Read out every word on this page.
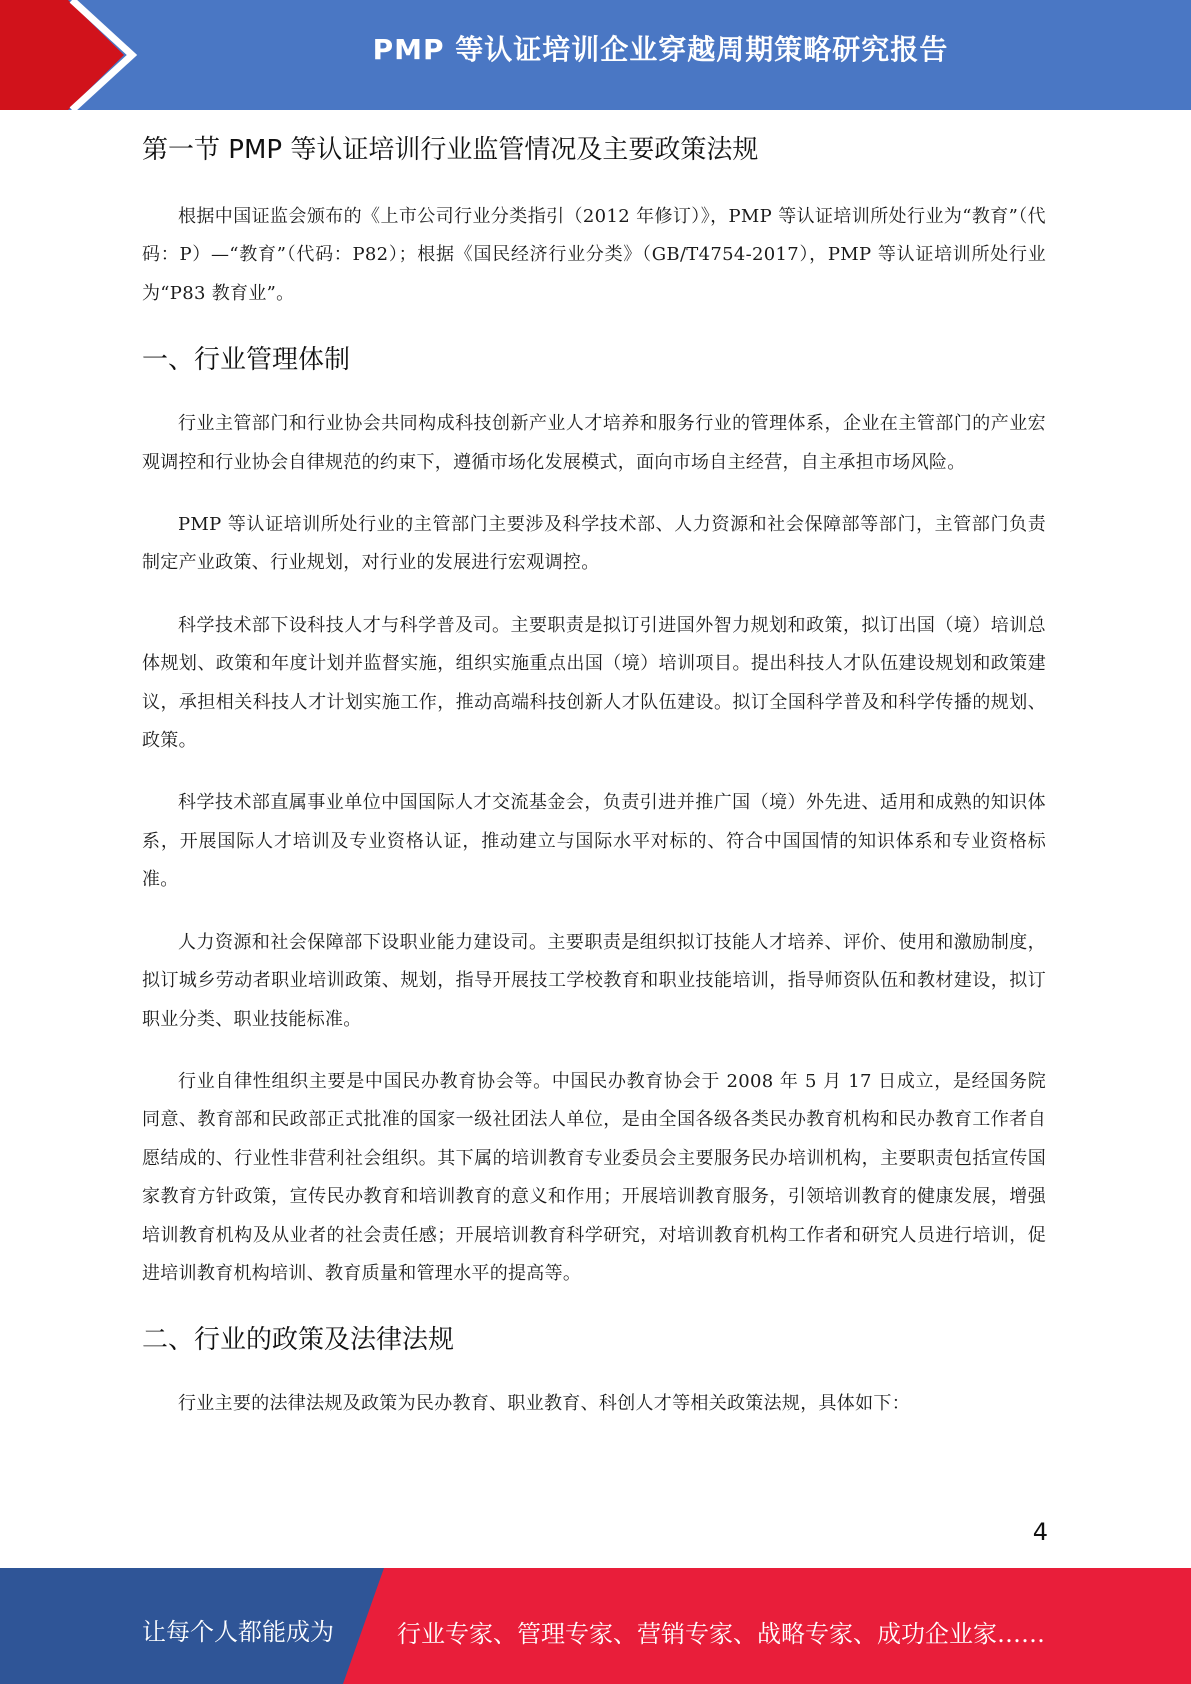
PMP 等认证培训企业穿越周期策略研究报告
第一节 PMP 等认证培训行业监管情况及主要政策法规

根据中国证监会颁布的《上市公司行业分类指引（2012 年修订）》，PMP 等认证培训所处行业为“教育”（代码：P）—“教育”（代码：P82）；根据《国民经济行业分类》（GB/T4754-2017），PMP 等认证培训所处行业为“P83 教育业”。

一、行业管理体制

行业主管部门和行业协会共同构成科技创新产业人才培养和服务行业的管理体系，企业在主管部门的产业宏观调控和行业协会自律规范的约束下，遵循市场化发展模式，面向市场自主经营，自主承担市场风险。

PMP 等认证培训所处行业的主管部门主要涉及科学技术部、人力资源和社会保障部等部门，主管部门负责制定产业政策、行业规划，对行业的发展进行宏观调控。

科学技术部下设科技人才与科学普及司。主要职责是拟订引进国外智力规划和政策，拟订出国（境）培训总体规划、政策和年度计划并监督实施，组织实施重点出国（境）培训项目。提出科技人才队伍建设规划和政策建议，承担相关科技人才计划实施工作，推动高端科技创新人才队伍建设。拟订全国科学普及和科学传播的规划、政策。

科学技术部直属事业单位中国国际人才交流基金会，负责引进并推广国（境）外先进、适用和成熟的知识体系，开展国际人才培训及专业资格认证，推动建立与国际水平对标的、符合中国国情的知识体系和专业资格标准。

人力资源和社会保障部下设职业能力建设司。主要职责是组织拟订技能人才培养、评价、使用和激励制度，拟订城乡劳动者职业培训政策、规划，指导开展技工学校教育和职业技能培训，指导师资队伍和教材建设，拟订职业分类、职业技能标准。

行业自律性组织主要是中国民办教育协会等。中国民办教育协会于 2008 年 5 月 17 日成立，是经国务院同意、教育部和民政部正式批准的国家一级社团法人单位，是由全国各级各类民办教育机构和民办教育工作者自愿结成的、行业性非营利社会组织。其下属的培训教育专业委员会主要服务民办培训机构，主要职责包括宣传国家教育方针政策，宣传民办教育和培训教育的意义和作用；开展培训教育服务，引领培训教育的健康发展，增强培训教育机构及从业者的社会责任感；开展培训教育科学研究，对培训教育机构工作者和研究人员进行培训，促进培训教育机构培训、教育质量和管理水平的提高等。

二、行业的政策及法律法规

行业主要的法律法规及政策为民办教育、职业教育、科创人才等相关政策法规，具体如下：

4
让每个人都能成为	行业专家、管理专家、营销专家、战略专家、成功企业家……
